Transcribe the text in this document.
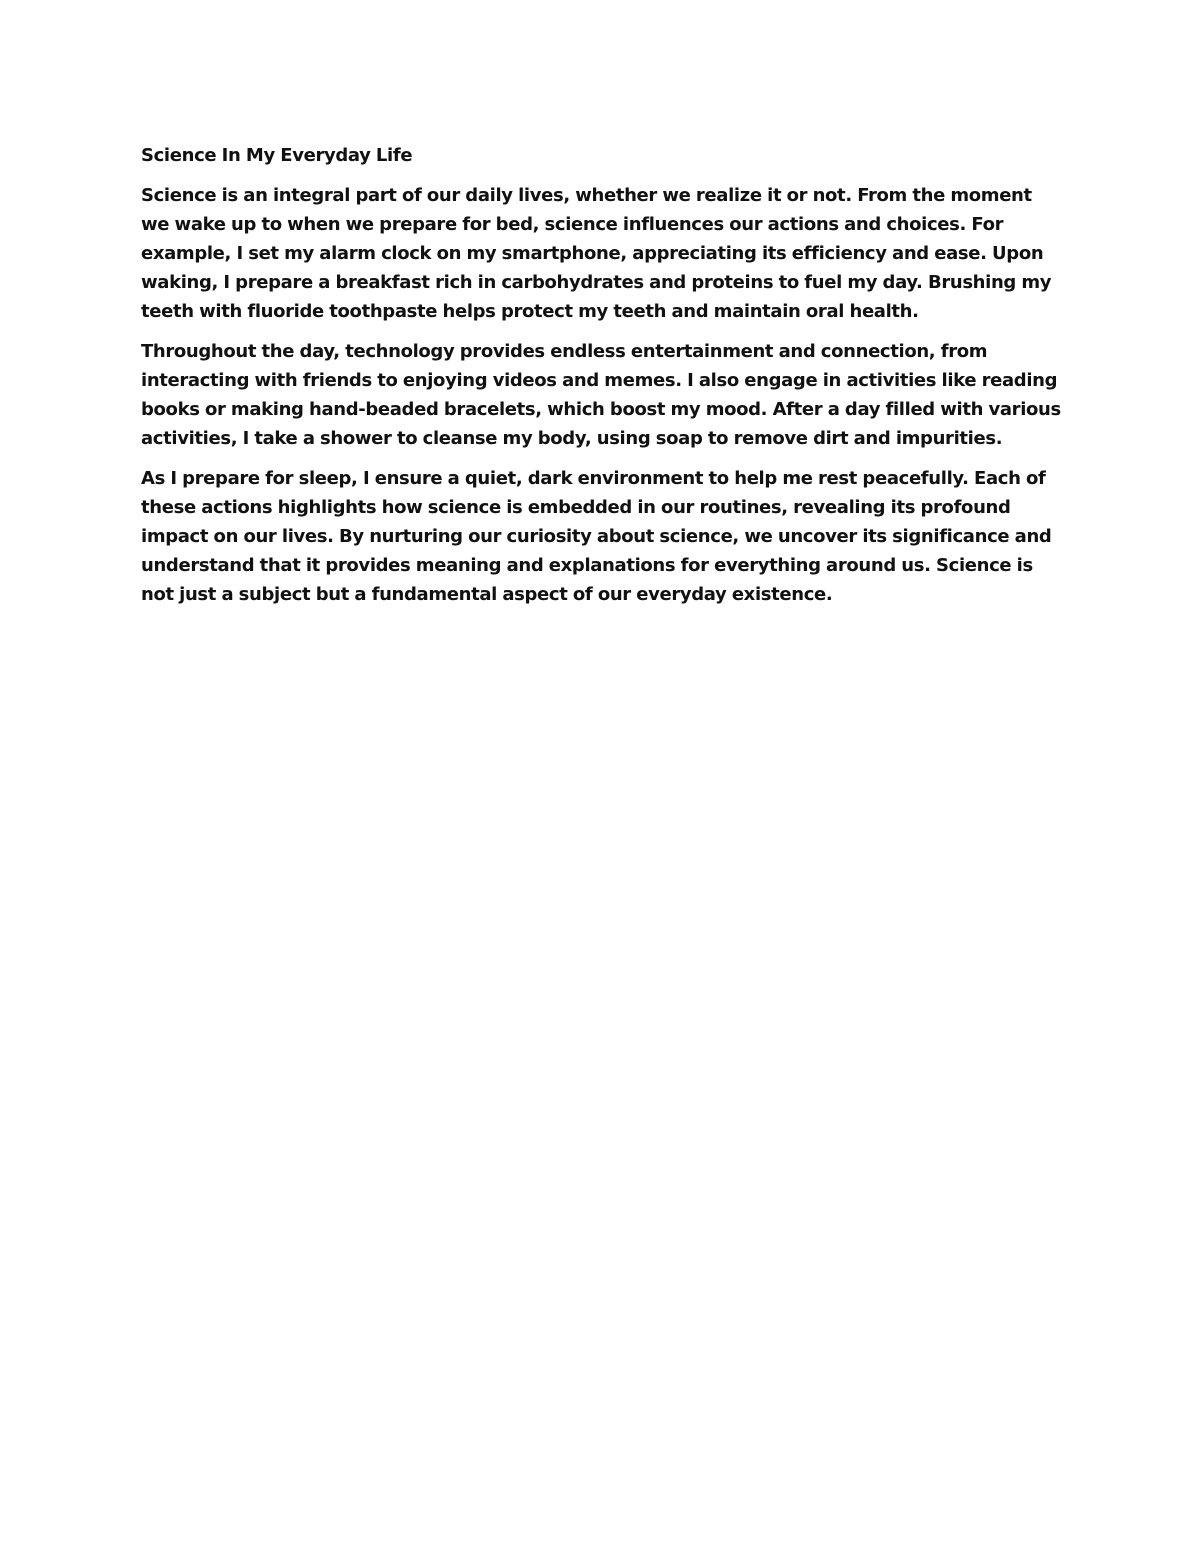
Science In My Everyday Life

Science is an integral part of our daily lives, whether we realize it or not. From the moment we wake up to when we prepare for bed, science influences our actions and choices. For example, I set my alarm clock on my smartphone, appreciating its efficiency and ease. Upon waking, I prepare a breakfast rich in carbohydrates and proteins to fuel my day. Brushing my teeth with fluoride toothpaste helps protect my teeth and maintain oral health.

Throughout the day, technology provides endless entertainment and connection, from interacting with friends to enjoying videos and memes. I also engage in activities like reading books or making hand-beaded bracelets, which boost my mood. After a day filled with various activities, I take a shower to cleanse my body, using soap to remove dirt and impurities.

As I prepare for sleep, I ensure a quiet, dark environment to help me rest peacefully. Each of these actions highlights how science is embedded in our routines, revealing its profound impact on our lives. By nurturing our curiosity about science, we uncover its significance and understand that it provides meaning and explanations for everything around us. Science is not just a subject but a fundamental aspect of our everyday existence.
